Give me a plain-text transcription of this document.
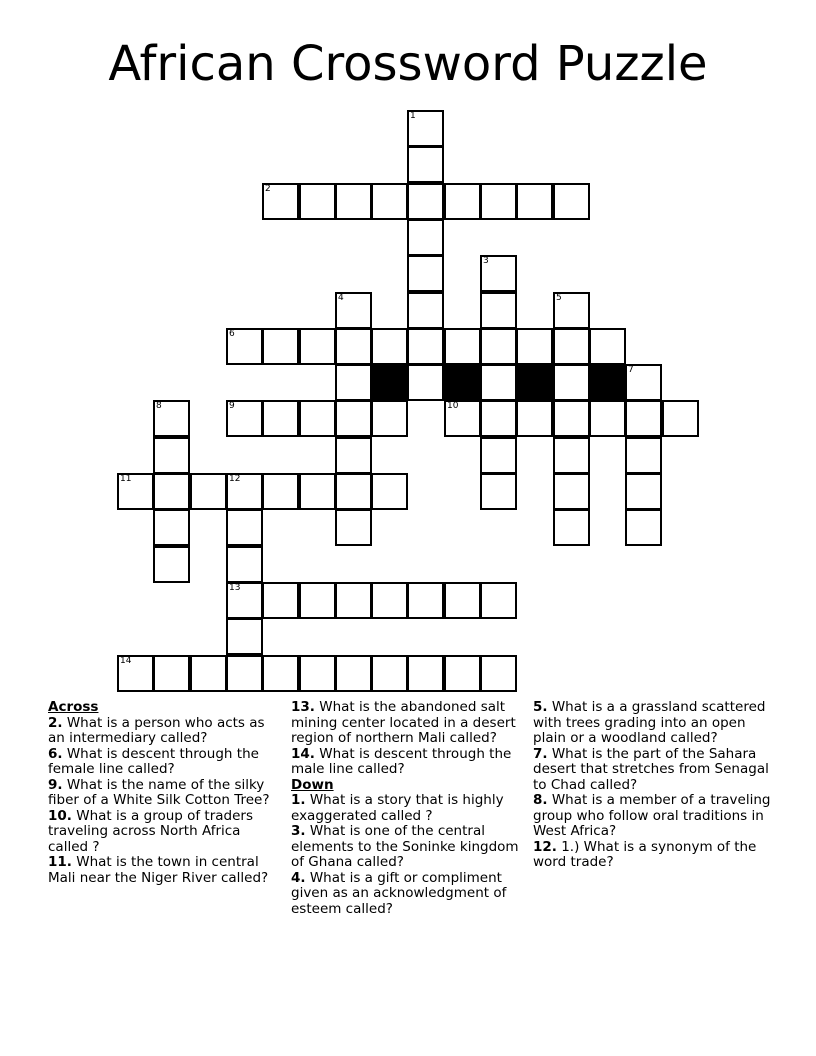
African Crossword Puzzle
1
2
3
4	5
6
7
8	9	10
11	12
13
14
Across
2. What is a person who acts as an intermediary called?
6. What is descent through the female line called?
9. What is the name of the silky fiber of a White Silk Cotton Tree?
10. What is a group of traders traveling across North Africa called ?
11. What is the town in central Mali near the Niger River called?
13. What is the abandoned salt mining center located in a desert region of northern Mali called?
14. What is descent through the male line called?
Down
1. What is a story that is highly exaggerated called ?
3. What is one of the central elements to the Soninke kingdom of Ghana called?
4. What is a gift or compliment given as an acknowledgment of esteem called?
5. What is a a grassland scattered with trees grading into an open plain or a woodland called?
7. What is the part of the Sahara desert that stretches from Senagal to Chad called?
8. What is a member of a traveling group who follow oral traditions in West Africa?
12. 1.) What is a synonym of the word trade?
